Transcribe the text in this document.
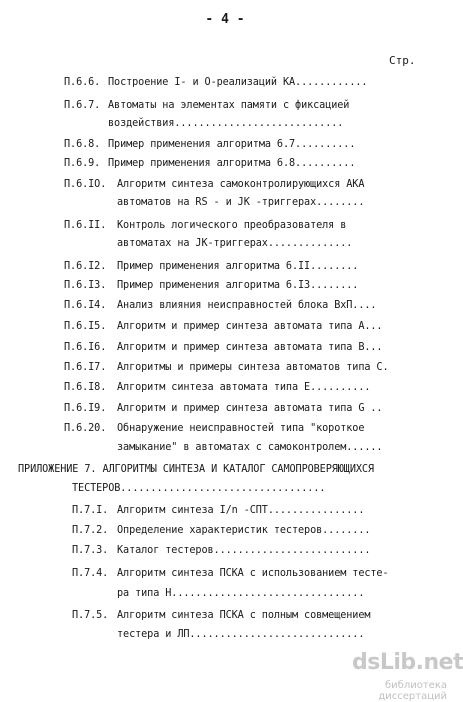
- 4 -
Стр.
П.6.6. Построение I- и O-реализаций КА............
П.6.7. Автоматы на элементах памяти с фиксацией
воздействия............................
П.6.8. Пример применения алгоритма 6.7..........
П.6.9. Пример применения алгоритма 6.8..........
П.6.IO. Алгоритм синтеза самоконтролирующихся АКА
автоматов на RS - и JK -триггерах........
П.6.II. Контроль логического преобразователя в
автоматах на JK-триггерах..............
П.6.I2. Пример применения алгоритма 6.II........
П.6.I3. Пример применения алгоритма 6.I3........
П.6.I4. Анализ влияния неисправностей блока ВхП....
П.6.I5. Алгоритм и пример синтеза автомата типа А...
П.6.I6. Алгоритм и пример синтеза автомата типа В...
П.6.I7. Алгоритмы и примеры синтеза автоматов типа С.
П.6.I8. Алгоритм синтеза автомата типа Е..........
П.6.I9. Алгоритм и пример синтеза автомата типа G ..
П.6.20. Обнаружение неисправностей типа "короткое
замыкание" в автоматах с самоконтролем......
ПРИЛОЖЕНИЕ 7. АЛГОРИТМЫ СИНТЕЗА И КАТАЛОГ САМОПРОВЕРЯЮЩИХСЯ
ТЕСТЕРОВ..................................
П.7.I. Алгоритм синтеза I/n -СПТ................
П.7.2. Определение характеристик тестеров........
П.7.3. Каталог тестеров..........................
П.7.4. Алгоритм синтеза ПСКА с использованием тесте-
ра типа Н................................
П.7.5. Алгоритм синтеза ПСКА с полным совмещением
тестера и ЛП.............................
dsLib.net
библиотека диссертаций
